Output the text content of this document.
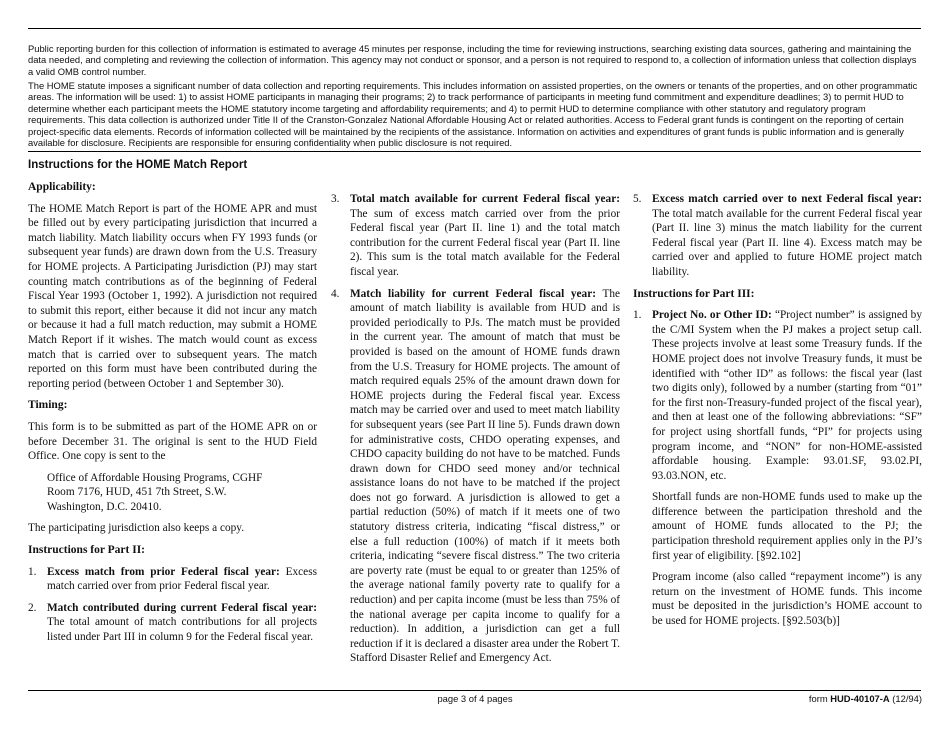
Public reporting burden for this collection of information is estimated to average 45 minutes per response, including the time for reviewing instructions, searching existing data sources, gathering and maintaining the data needed, and completing and reviewing the collection of information. This agency may not conduct or sponsor, and a person is not required to respond to, a collection of information unless that collection displays a valid OMB control number.

The HOME statute imposes a significant number of data collection and reporting requirements. This includes information on assisted properties, on the owners or tenants of the properties, and on other programmatic areas. The information will be used: 1) to assist HOME participants in managing their programs; 2) to track performance of participants in meeting fund commitment and expenditure deadlines; 3) to permit HUD to determine whether each participant meets the HOME statutory income targeting and affordability requirements; and 4) to permit HUD to determine compliance with other statutory and regulatory program requirements. This data collection is authorized under Title II of the Cranston-Gonzalez National Affordable Housing Act or related authorities. Access to Federal grant funds is contingent on the reporting of certain project-specific data elements. Records of information collected will be maintained by the recipients of the assistance. Information on activities and expenditures of grant funds is public information and is generally available for disclosure. Recipients are responsible for ensuring confidentiality when public disclosure is not required.

Instructions for the HOME Match Report
Applicability:

The HOME Match Report is part of the HOME APR and must be filled out by every participating jurisdiction that incurred a match liability. Match liability occurs when FY 1993 funds (or subsequent year funds) are drawn down from the U.S. Treasury for HOME projects. A Participating Jurisdiction (PJ) may start counting match contributions as of the beginning of Federal Fiscal Year 1993 (October 1, 1992). A jurisdiction not required to submit this report, either because it did not incur any match or because it had a full match reduction, may submit a HOME Match Report if it wishes. The match would count as excess match that is carried over to subsequent years. The match reported on this form must have been contributed during the reporting period (between October 1 and September 30).

Timing:

This form is to be submitted as part of the HOME APR on or before December 31. The original is sent to the HUD Field Office. One copy is sent to the

Office of Affordable Housing Programs, CGHF
Room 7176, HUD, 451 7th Street, S.W.
Washington, D.C. 20410.

The participating jurisdiction also keeps a copy.

Instructions for Part II:
1. Excess match from prior Federal fiscal year: Excess match carried over from prior Federal fiscal year.
2. Match contributed during current Federal fiscal year: The total amount of match contributions for all projects listed under Part III in column 9 for the Federal fiscal year.
3. Total match available for current Federal fiscal year: The sum of excess match carried over from the prior Federal fiscal year (Part II. line 1) and the total match contribution for the current Federal fiscal year (Part II. line 2). This sum is the total match available for the Federal fiscal year.
4. Match liability for current Federal fiscal year: The amount of match liability is available from HUD and is provided periodically to PJs. The match must be provided in the current year. The amount of match that must be provided is based on the amount of HOME funds drawn from the U.S. Treasury for HOME projects. The amount of match required equals 25% of the amount drawn down for HOME projects during the Federal fiscal year. Excess match may be carried over and used to meet match liability for subsequent years (see Part II line 5). Funds drawn down for administrative costs, CHDO operating expenses, and CHDO capacity building do not have to be matched. Funds drawn down for CHDO seed money and/or technical assistance loans do not have to be matched if the project does not go forward. A jurisdiction is allowed to get a partial reduction (50%) of match if it meets one of two statutory distress criteria, indicating “fiscal distress,” or else a full reduction (100%) of match if it meets both criteria, indicating “severe fiscal distress.” The two criteria are poverty rate (must be equal to or greater than 125% of the average national family poverty rate to qualify for a reduction) and per capita income (must be less than 75% of the national average per capita income to qualify for a reduction). In addition, a jurisdiction can get a full reduction if it is declared a disaster area under the Robert T. Stafford Disaster Relief and Emergency Act.
5. Excess match carried over to next Federal fiscal year: The total match available for the current Federal fiscal year (Part II. line 3) minus the match liability for the current Federal fiscal year (Part II. line 4). Excess match may be carried over and applied to future HOME project match liability.
Instructions for Part III:
1. Project No. or Other ID: “Project number” is assigned by the C/MI System when the PJ makes a project setup call. These projects involve at least some Treasury funds. If the HOME project does not involve Treasury funds, it must be identified with “other ID” as follows: the fiscal year (last two digits only), followed by a number (starting from “01” for the first non-Treasury-funded project of the fiscal year), and then at least one of the following abbreviations: “SF” for project using shortfall funds, “PI” for projects using program income, and “NON” for non-HOME-assisted affordable housing. Example: 93.01.SF, 93.02.PI, 93.03.NON, etc.

Shortfall funds are non-HOME funds used to make up the difference between the participation threshold and the amount of HOME funds allocated to the PJ; the participation threshold requirement applies only in the PJ’s first year of eligibility. [§92.102]

Program income (also called “repayment income”) is any return on the investment of HOME funds. This income must be deposited in the jurisdiction’s HOME account to be used for HOME projects. [§92.503(b)]

page 3 of 4 pages	form HUD-40107-A (12/94)
